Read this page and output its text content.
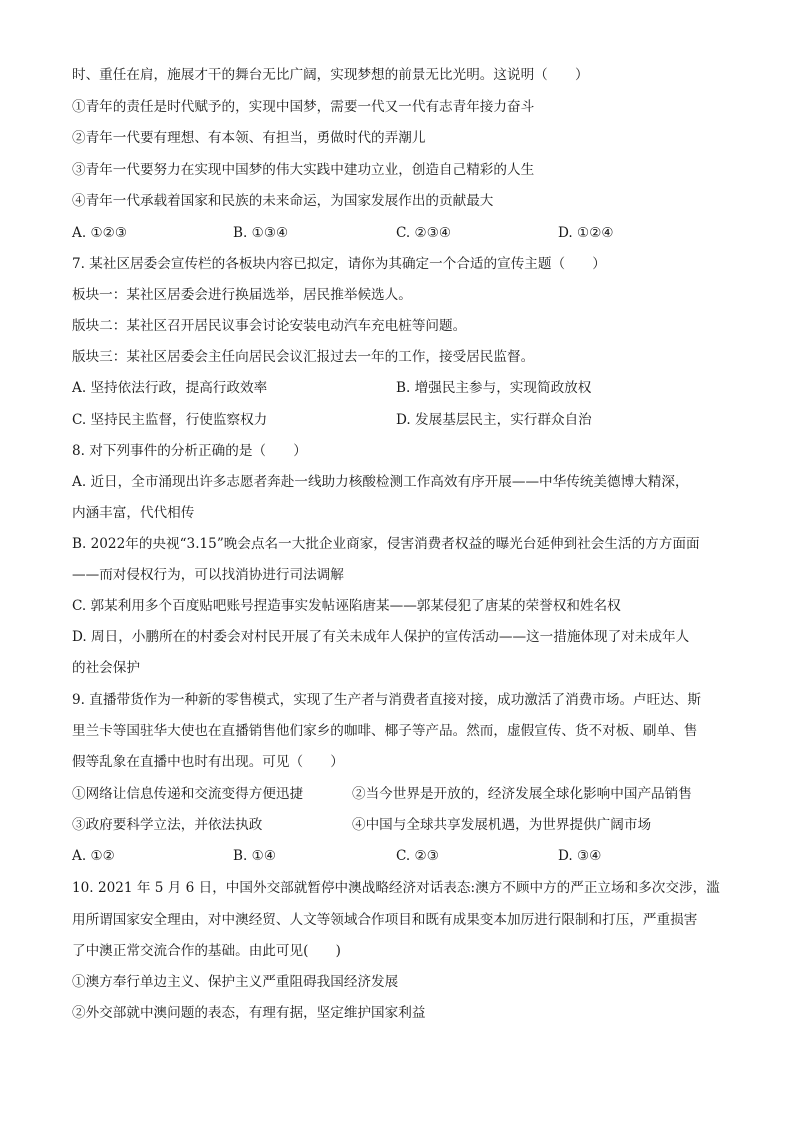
时、重任在肩，施展才干的舞台无比广阔，实现梦想的前景无比光明。这说明（　　）
①青年的责任是时代赋予的，实现中国梦，需要一代又一代有志青年接力奋斗
②青年一代要有理想、有本领、有担当，勇做时代的弄潮儿
③青年一代要努力在实现中国梦的伟大实践中建功立业，创造自己精彩的人生
④青年一代承载着国家和民族的未来命运，为国家发展作出的贡献最大
A. ①②③	B. ①③④	C. ②③④	D. ①②④
7. 某社区居委会宣传栏的各板块内容已拟定，请你为其确定一个合适的宣传主题（　　）
板块一：某社区居委会进行换届选举，居民推举候选人。
版块二：某社区召开居民议事会讨论安装电动汽车充电桩等问题。
版块三：某社区居委会主任向居民会议汇报过去一年的工作，接受居民监督。
A. 坚持依法行政，提高行政效率	B. 增强民主参与，实现简政放权
C. 坚持民主监督，行使监察权力	D. 发展基层民主，实行群众自治
8. 对下列事件的分析正确的是（　　）
A. 近日，全市涌现出许多志愿者奔赴一线助力核酸检测工作高效有序开展——中华传统美德博大精深，
内涵丰富，代代相传
B. 2022年的央视“3.15”晚会点名一大批企业商家，侵害消费者权益的曝光台延伸到社会生活的方方面面
——而对侵权行为，可以找消协进行司法调解
C. 郭某利用多个百度贴吧账号捏造事实发帖诬陷唐某——郭某侵犯了唐某的荣誉权和姓名权
D. 周日，小鹏所在的村委会对村民开展了有关未成年人保护的宣传活动——这一措施体现了对未成年人
的社会保护
9. 直播带货作为一种新的零售模式，实现了生产者与消费者直接对接，成功激活了消费市场。卢旺达、斯
里兰卡等国驻华大使也在直播销售他们家乡的咖啡、椰子等产品。然而，虚假宣传、货不对板、刷单、售
假等乱象在直播中也时有出现。可见（　　）
①网络让信息传递和交流变得方便迅捷	②当今世界是开放的，经济发展全球化影响中国产品销售
③政府要科学立法，并依法执政	④中国与全球共享发展机遇，为世界提供广阔市场
A. ①②	B. ①④	C. ②③	D. ③④
10. 2021 年 5 月 6 日，中国外交部就暂停中澳战略经济对话表态:澳方不顾中方的严正立场和多次交涉，滥
用所谓国家安全理由，对中澳经贸、人文等领域合作项目和既有成果变本加厉进行限制和打压，严重损害
了中澳正常交流合作的基础。由此可见(　　)
①澳方奉行单边主义、保护主义严重阻碍我国经济发展
②外交部就中澳问题的表态，有理有据，坚定维护国家利益
